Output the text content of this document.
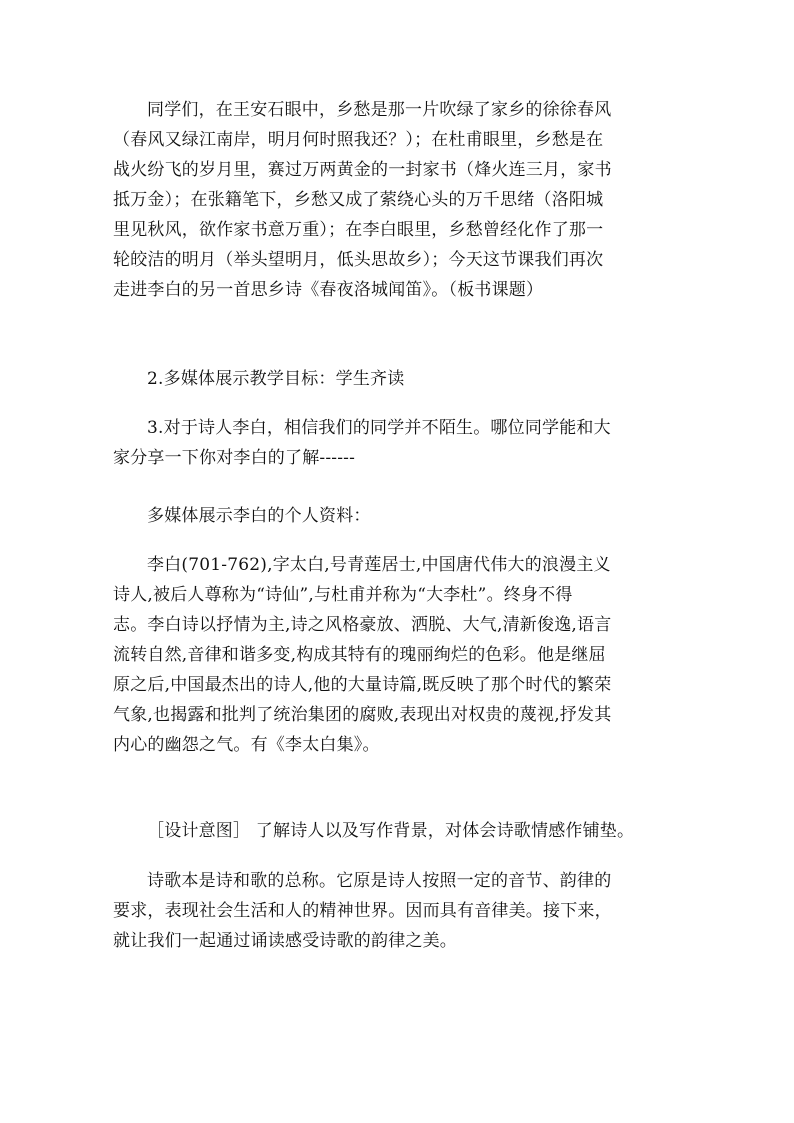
同学们，在王安石眼中，乡愁是那一片吹绿了家乡的徐徐春风
（春风又绿江南岸，明月何时照我还？）；在杜甫眼里，乡愁是在
战火纷飞的岁月里，赛过万两黄金的一封家书（烽火连三月，家书
抵万金）；在张籍笔下，乡愁又成了萦绕心头的万千思绪（洛阳城
里见秋风，欲作家书意万重）；在李白眼里，乡愁曾经化作了那一
轮皎洁的明月（举头望明月，低头思故乡）；今天这节课我们再次
走进李白的另一首思乡诗《春夜洛城闻笛》。（板书课题）
2.多媒体展示教学目标：学生齐读
3.对于诗人李白，相信我们的同学并不陌生。哪位同学能和大
家分享一下你对李白的了解------
多媒体展示李白的个人资料：
李白(701-762),字太白,号青莲居士,中国唐代伟大的浪漫主义
诗人,被后人尊称为“诗仙”,与杜甫并称为“大李杜”。终身不得
志。李白诗以抒情为主,诗之风格豪放、洒脱、大气,清新俊逸,语言
流转自然,音律和谐多变,构成其特有的瑰丽绚烂的色彩。他是继屈
原之后,中国最杰出的诗人,他的大量诗篇,既反映了那个时代的繁荣
气象,也揭露和批判了统治集团的腐败,表现出对权贵的蔑视,抒发其
内心的幽怨之气。有《李太白集》。
［设计意图］ 了解诗人以及写作背景，对体会诗歌情感作铺垫。
诗歌本是诗和歌的总称。它原是诗人按照一定的音节、韵律的
要求，表现社会生活和人的精神世界。因而具有音律美。接下来，
就让我们一起通过诵读感受诗歌的韵律之美。
